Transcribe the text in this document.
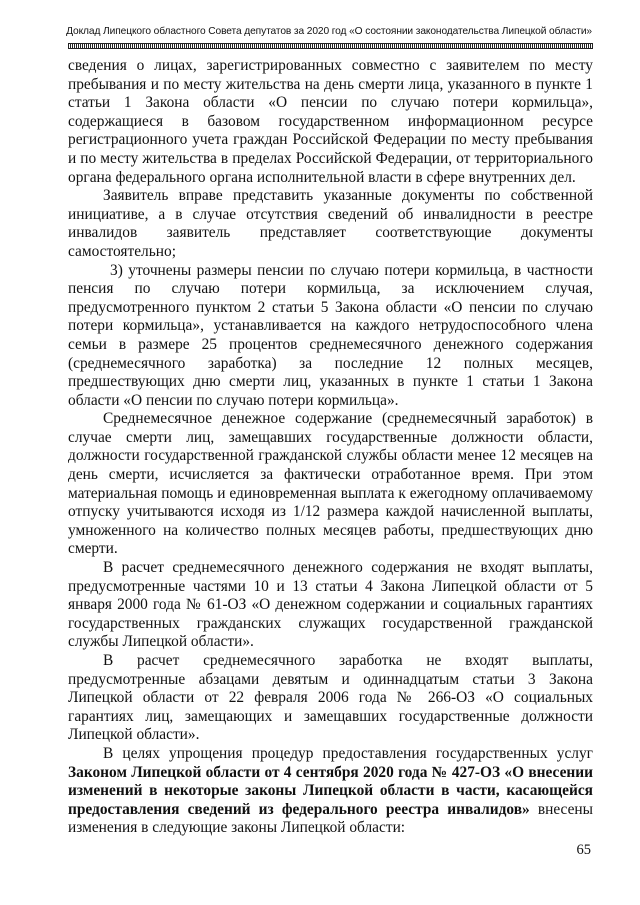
Доклад Липецкого областного Совета депутатов за 2020 год «О состоянии законодательства Липецкой области»

сведения о лицах, зарегистрированных совместно с заявителем по месту пребывания и по месту жительства на день смерти лица, указанного в пункте 1 статьи 1 Закона области «О пенсии по случаю потери кормильца», содержащиеся в базовом государственном информационном ресурсе регистрационного учета граждан Российской Федерации по месту пребывания и по месту жительства в пределах Российской Федерации, от территориального органа федерального органа исполнительной власти в сфере внутренних дел.

Заявитель вправе представить указанные документы по собственной инициативе, а в случае отсутствия сведений об инвалидности в реестре инвалидов заявитель представляет соответствующие документы самостоятельно;

3) уточнены размеры пенсии по случаю потери кормильца, в частности пенсия по случаю потери кормильца, за исключением случая, предусмотренного пунктом 2 статьи 5 Закона области «О пенсии по случаю потери кормильца», устанавливается на каждого нетрудоспособного члена семьи в размере 25 процентов среднемесячного денежного содержания (среднемесячного заработка) за последние 12 полных месяцев, предшествующих дню смерти лиц, указанных в пункте 1 статьи 1 Закона области «О пенсии по случаю потери кормильца».

Среднемесячное денежное содержание (среднемесячный заработок) в случае смерти лиц, замещавших государственные должности области, должности государственной гражданской службы области менее 12 месяцев на день смерти, исчисляется за фактически отработанное время. При этом материальная помощь и единовременная выплата к ежегодному оплачиваемому отпуску учитываются исходя из 1/12 размера каждой начисленной выплаты, умноженного на количество полных месяцев работы, предшествующих дню смерти.

В расчет среднемесячного денежного содержания не входят выплаты, предусмотренные частями 10 и 13 статьи 4 Закона Липецкой области от 5 января 2000 года № 61-ОЗ «О денежном содержании и социальных гарантиях государственных гражданских служащих государственной гражданской службы Липецкой области».

В расчет среднемесячного заработка не входят выплаты, предусмотренные абзацами девятым и одиннадцатым статьи 3 Закона Липецкой области от 22 февраля 2006 года № 266-ОЗ «О социальных гарантиях лиц, замещающих и замещавших государственные должности Липецкой области».

В целях упрощения процедур предоставления государственных услуг Законом Липецкой области от 4 сентября 2020 года № 427-ОЗ «О внесении изменений в некоторые законы Липецкой области в части, касающейся предоставления сведений из федерального реестра инвалидов» внесены изменения в следующие законы Липецкой области:

65
